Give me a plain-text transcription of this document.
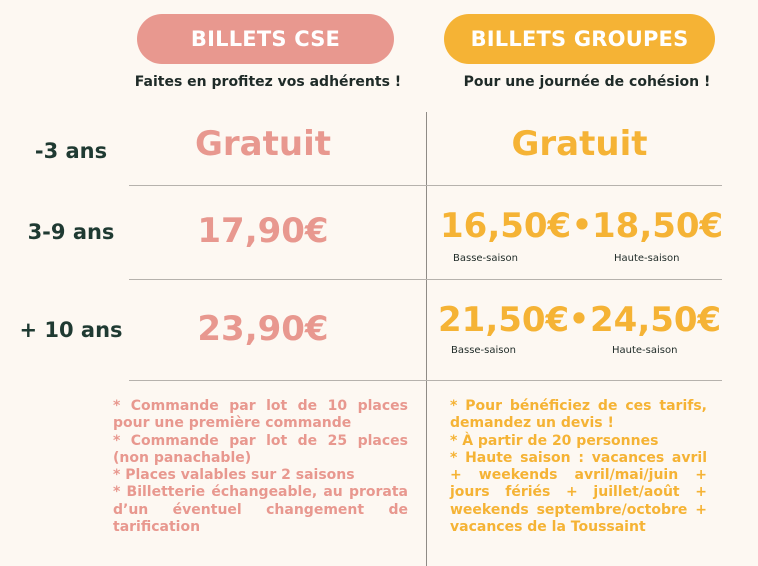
BILLETS CSE	BILLETS GROUPES
Faites en profitez vos adhérents !	Pour une journée de cohésion !
-3 ans	Gratuit	Gratuit
3-9 ans	17,90€	16,50€ • 18,50€
Basse-saison	Haute-saison
+ 10 ans	23,90€	21,50€ • 24,50€
Basse-saison	Haute-saison
* Commande par lot de 10 places pour une première commande
* Commande par lot de 25 places (non panachable)
* Places valables sur 2 saisons
* Billetterie échangeable, au prorata d’un éventuel changement de tarification
* Pour bénéficiez de ces tarifs, demandez un devis !
* À partir de 20 personnes
* Haute saison : vacances avril + weekends avril/mai/juin + jours fériés + juillet/août + weekends septembre/octobre + vacances de la Toussaint
